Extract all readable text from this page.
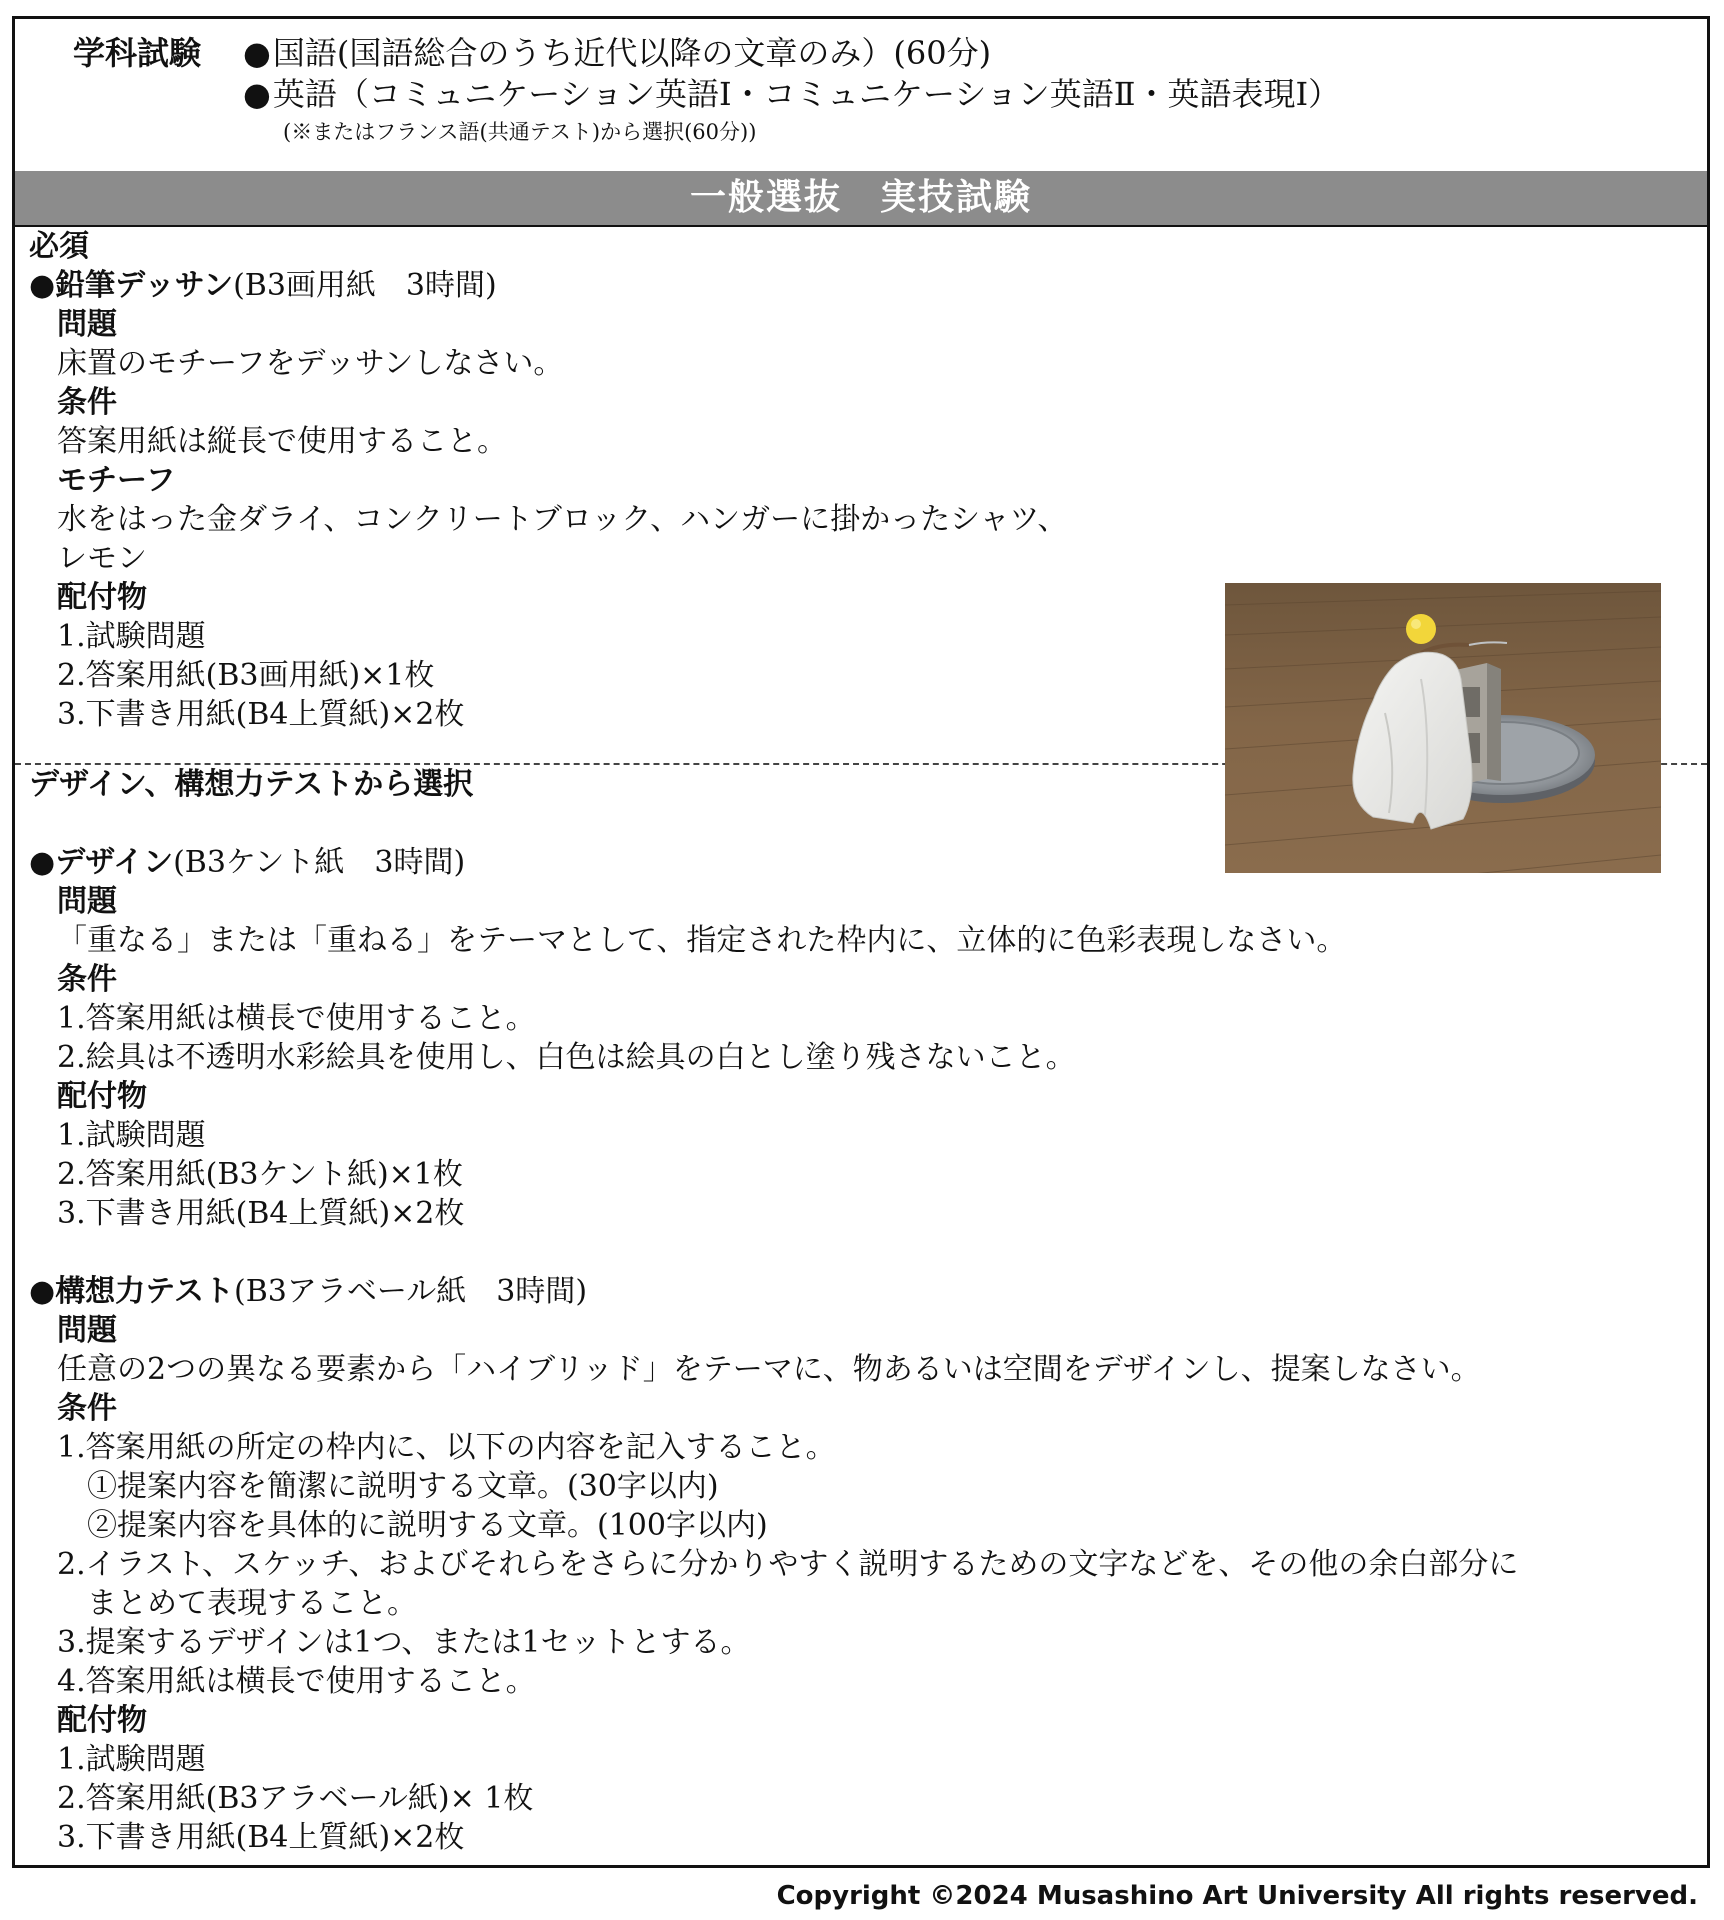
学科試験 ●国語(国語総合のうち近代以降の文章のみ）(60分)
●英語（コミュニケーション英語Ⅰ・コミュニケーション英語Ⅱ・英語表現Ⅰ）
(※またはフランス語(共通テスト)から選択(60分))
一般選抜　実技試験
必須
●鉛筆デッサン(B3画用紙　3時間)
問題
床置のモチーフをデッサンしなさい。
条件
答案用紙は縦長で使用すること。
モチーフ
水をはった金ダライ、コンクリートブロック、ハンガーに掛かったシャツ、
レモン
配付物
1.試験問題
2.答案用紙(B3画用紙)×1枚
3.下書き用紙(B4上質紙)×2枚
デザイン、構想力テストから選択
●デザイン(B3ケント紙　3時間)
問題
「重なる」または「重ねる」をテーマとして、指定された枠内に、立体的に色彩表現しなさい。
条件
1.答案用紙は横長で使用すること。
2.絵具は不透明水彩絵具を使用し、白色は絵具の白とし塗り残さないこと。
配付物
1.試験問題
2.答案用紙(B3ケント紙)×1枚
3.下書き用紙(B4上質紙)×2枚
●構想力テスト(B3アラベール紙　3時間)
問題
任意の2つの異なる要素から「ハイブリッド」をテーマに、物あるいは空間をデザインし、提案しなさい。
条件
1.答案用紙の所定の枠内に、以下の内容を記入すること。
①提案内容を簡潔に説明する文章。(30字以内)
②提案内容を具体的に説明する文章。(100字以内)
2.イラスト、スケッチ、およびそれらをさらに分かりやすく説明するための文字などを、その他の余白部分に
まとめて表現すること。
3.提案するデザインは1つ、または1セットとする。
4.答案用紙は横長で使用すること。
配付物
1.試験問題
2.答案用紙(B3アラベール紙)× 1枚
3.下書き用紙(B4上質紙)×2枚
Copyright ©2024 Musashino Art University All rights reserved.
